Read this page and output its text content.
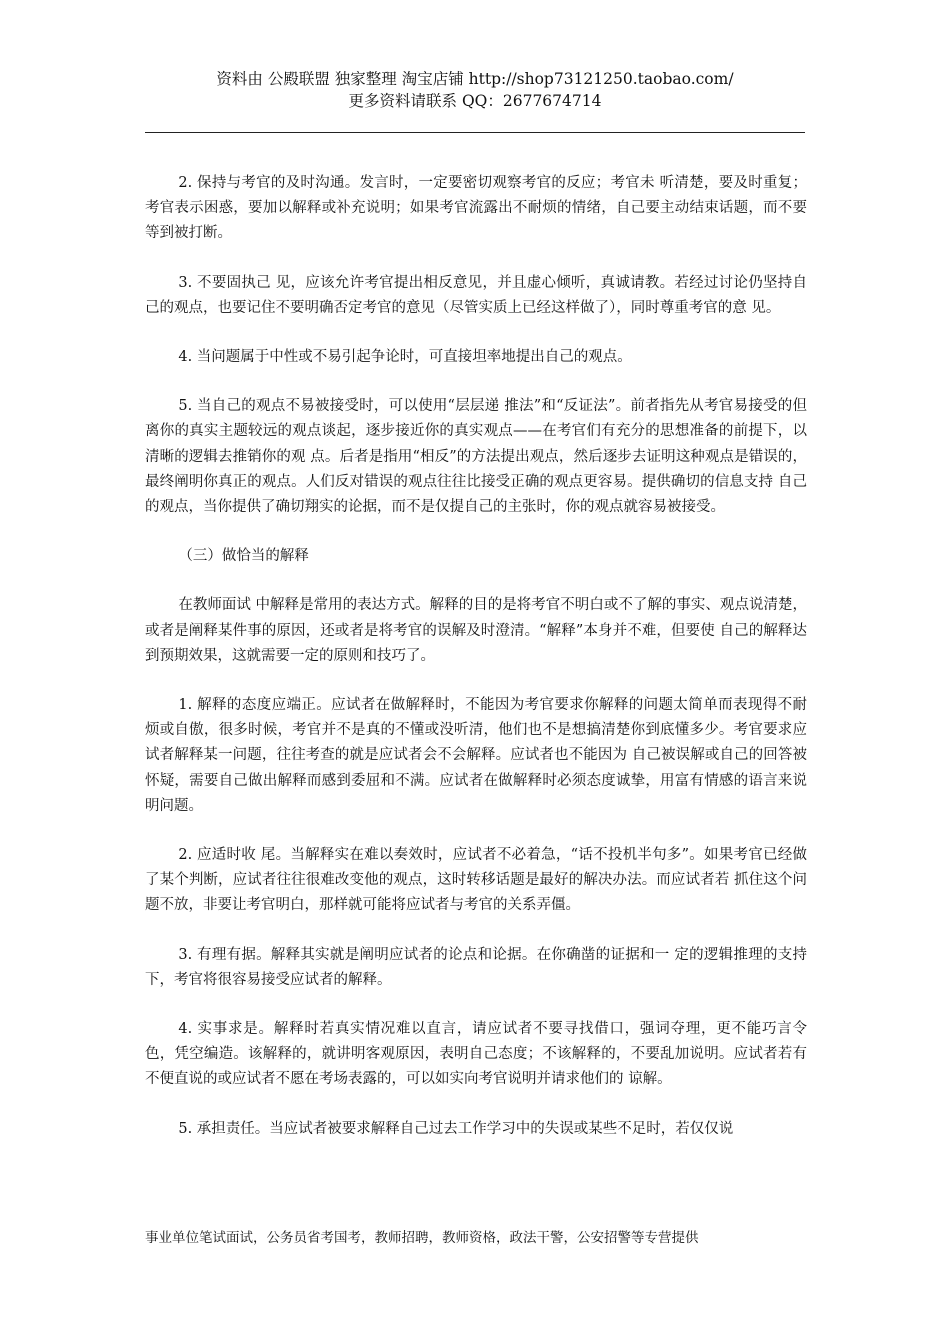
资料由 公殿联盟 独家整理 淘宝店铺 http://shop73121250.taobao.com/
更多资料请联系 QQ：2677674714

2. 保持与考官的及时沟通。发言时，一定要密切观察考官的反应；考官未 听清楚，要及时重复；考官表示困惑，要加以解释或补充说明；如果考官流露出不耐烦的情绪，自己要主动结束话题，而不要等到被打断。

3. 不要固执己 见，应该允许考官提出相反意见，并且虚心倾听，真诚请教。若经过讨论仍坚持自己的观点，也要记住不要明确否定考官的意见（尽管实质上已经这样做了），同时尊重考官的意 见。

4. 当问题属于中性或不易引起争论时，可直接坦率地提出自己的观点。

5. 当自己的观点不易被接受时，可以使用“层层递 推法”和“反证法”。前者指先从考官易接受的但离你的真实主题较远的观点谈起，逐步接近你的真实观点——在考官们有充分的思想准备的前提下，以清晰的逻辑去推销你的观 点。后者是指用“相反”的方法提出观点，然后逐步去证明这种观点是错误的，最终阐明你真正的观点。人们反对错误的观点往往比接受正确的观点更容易。提供确切的信息支持 自己的观点，当你提供了确切翔实的论据，而不是仅提自己的主张时，你的观点就容易被接受。

（三）做恰当的解释

在教师面试 中解释是常用的表达方式。解释的目的是将考官不明白或不了解的事实、观点说清楚，或者是阐释某件事的原因，还或者是将考官的误解及时澄清。“解释”本身并不难，但要使 自己的解释达到预期效果，这就需要一定的原则和技巧了。

1. 解释的态度应端正。应试者在做解释时，不能因为考官要求你解释的问题太简单而表现得不耐 烦或自傲，很多时候，考官并不是真的不懂或没听清，他们也不是想搞清楚你到底懂多少。考官要求应试者解释某一问题，往往考查的就是应试者会不会解释。应试者也不能因为 自己被误解或自己的回答被怀疑，需要自己做出解释而感到委屈和不满。应试者在做解释时必须态度诚挚，用富有情感的语言来说明问题。

2. 应适时收 尾。当解释实在难以奏效时，应试者不必着急，“话不投机半句多”。如果考官已经做了某个判断，应试者往往很难改变他的观点，这时转移话题是最好的解决办法。而应试者若 抓住这个问题不放，非要让考官明白，那样就可能将应试者与考官的关系弄僵。

3. 有理有据。解释其实就是阐明应试者的论点和论据。在你确凿的证据和一 定的逻辑推理的支持下，考官将很容易接受应试者的解释。

4. 实事求是。解释时若真实情况难以直言，请应试者不要寻找借口，强词夺理，更不能巧言令 色，凭空编造。该解释的，就讲明客观原因，表明自己态度；不该解释的，不要乱加说明。应试者若有不便直说的或应试者不愿在考场表露的，可以如实向考官说明并请求他们的 谅解。

5. 承担责任。当应试者被要求解释自己过去工作学习中的失误或某些不足时，若仅仅说

事业单位笔试面试，公务员省考国考，教师招聘，教师资格，政法干警，公安招警等专营提供
